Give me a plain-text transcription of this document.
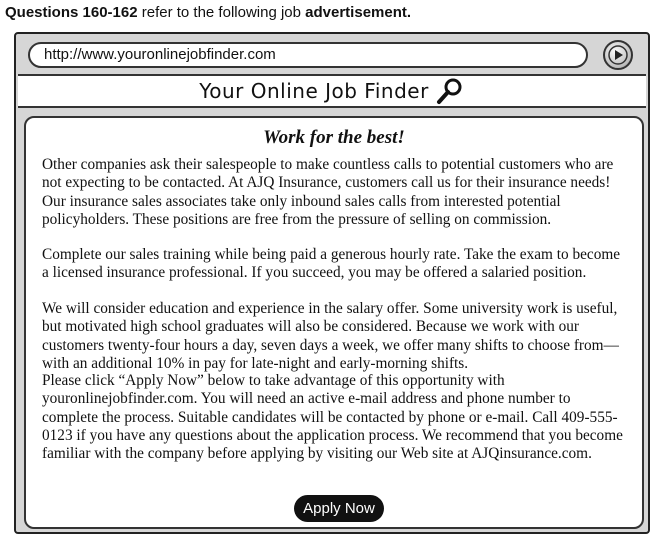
Questions 160-162 refer to the following job advertisement.
http://www.youronlinejobfinder.com
Your Online Job Finder
Work for the best!

Other companies ask their salespeople to make countless calls to potential customers who are not expecting to be contacted. At AJQ Insurance, customers call us for their insurance needs! Our insurance sales associates take only inbound sales calls from interested potential policyholders. These positions are free from the pressure of selling on commission.

Complete our sales training while being paid a generous hourly rate. Take the exam to become a licensed insurance professional. If you succeed, you may be offered a salaried position.

We will consider education and experience in the salary offer. Some university work is useful, but motivated high school graduates will also be considered. Because we work with our customers twenty-four hours a day, seven days a week, we offer many shifts to choose from—with an additional 10% in pay for late-night and early-morning shifts.

Please click “Apply Now” below to take advantage of this opportunity with youronlinejobfinder.com. You will need an active e-mail address and phone number to complete the process. Suitable candidates will be contacted by phone or e-mail. Call 409-555-0123 if you have any questions about the application process. We recommend that you become familiar with the company before applying by visiting our Web site at AJQinsurance.com.

Apply Now
